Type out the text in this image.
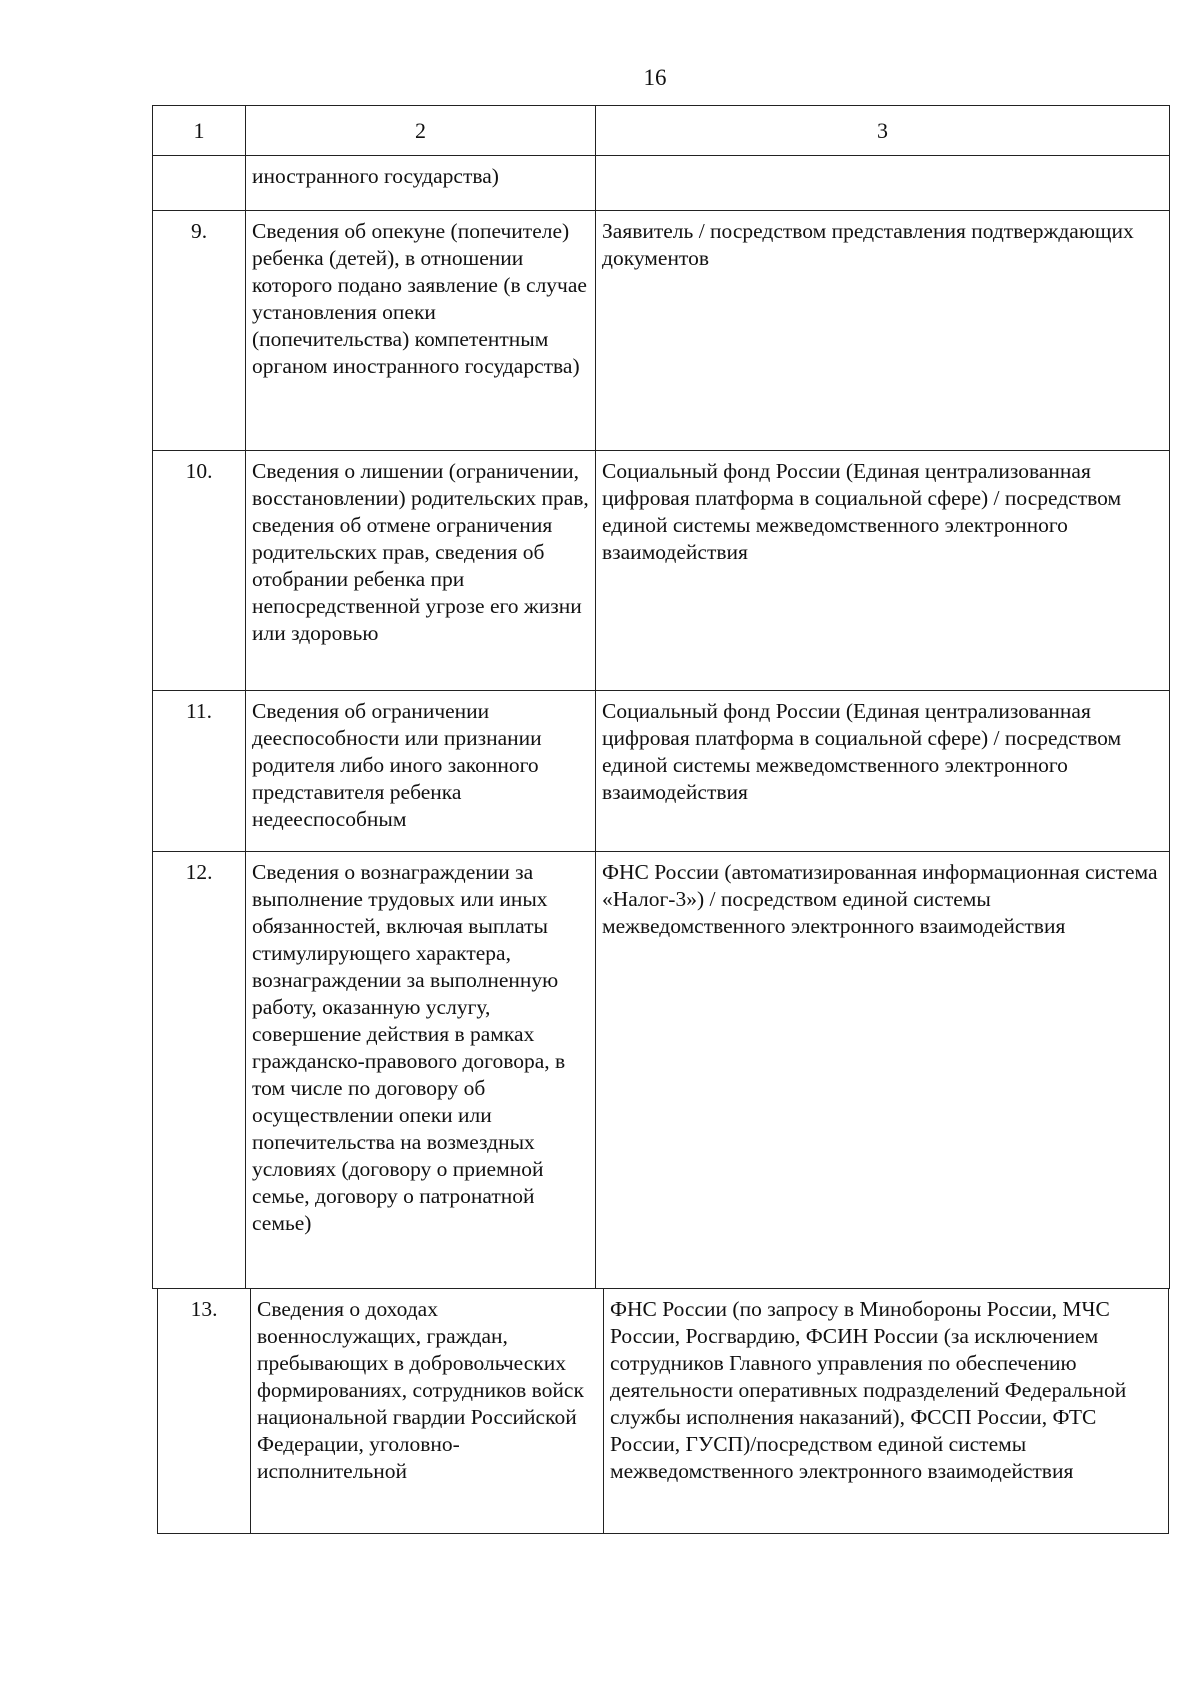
16
1	2	3
	иностранного государства)	
9.	Сведения об опекуне (попечителе) ребенка (детей), в отношении которого подано заявление (в случае установления опеки (попечительства) компетентным органом иностранного государства)	Заявитель / посредством представления подтверждающих документов
10.	Сведения о лишении (ограничении, восстановлении) родительских прав, сведения об отмене ограничения родительских прав, сведения об отобрании ребенка при непосредственной угрозе его жизни или здоровью	Социальный фонд России (Единая централизованная цифровая платформа в социальной сфере) / посредством единой системы межведомственного электронного взаимодействия
11.	Сведения об ограничении дееспособности или признании родителя либо иного законного представителя ребенка недееспособным	Социальный фонд России (Единая централизованная цифровая платформа в социальной сфере) / посредством единой системы межведомственного электронного взаимодействия
12.	Сведения о вознаграждении за выполнение трудовых или иных обязанностей, включая выплаты стимулирующего характера, вознаграждении за выполненную работу, оказанную услугу, совершение действия в рамках гражданско-правового договора, в том числе по договору об осуществлении опеки или попечительства на возмездных условиях (договору о приемной семье, договору о патронатной семье)	ФНС России (автоматизированная информационная система «Налог-3») / посредством единой системы межведомственного электронного взаимодействия
13.	Сведения о доходах военнослужащих, граждан, пребывающих в добровольческих формированиях, сотрудников войск национальной гвардии Российской Федерации, уголовно-исполнительной	ФНС России (по запросу в Минобороны России, МЧС России, Росгвардию, ФСИН России (за исключением сотрудников Главного управления по обеспечению деятельности оперативных подразделений Федеральной службы исполнения наказаний), ФССП России, ФТС России, ГУСП)/посредством единой системы межведомственного электронного взаимодействия
